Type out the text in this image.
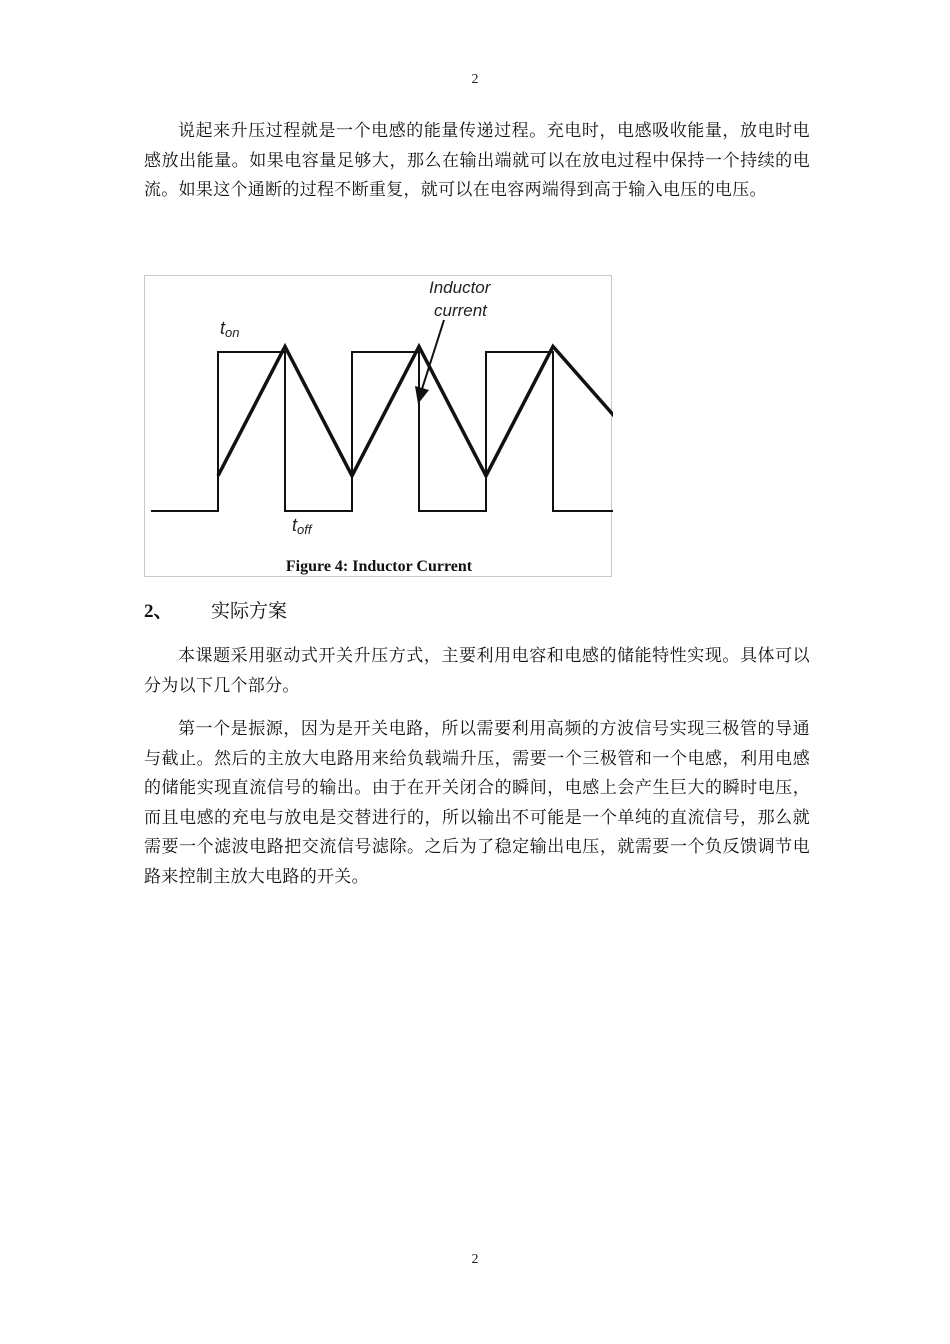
2

说起来升压过程就是一个电感的能量传递过程。充电时，电感吸收能量，放电时电感放出能量。如果电容量足够大，那么在输出端就可以在放电过程中保持一个持续的电流。如果这个通断的过程不断重复，就可以在电容两端得到高于输入电压的电压。

Inductor
current
ton
toff
Figure 4: Inductor Current
2、 实际方案

本课题采用驱动式开关升压方式，主要利用电容和电感的储能特性实现。具体可以分为以下几个部分。

第一个是振源，因为是开关电路，所以需要利用高频的方波信号实现三极管的导通与截止。然后的主放大电路用来给负载端升压，需要一个三极管和一个电感，利用电感的储能实现直流信号的输出。由于在开关闭合的瞬间，电感上会产生巨大的瞬时电压，而且电感的充电与放电是交替进行的，所以输出不可能是一个单纯的直流信号，那么就需要一个滤波电路把交流信号滤除。之后为了稳定输出电压，就需要一个负反馈调节电路来控制主放大电路的开关。

2
